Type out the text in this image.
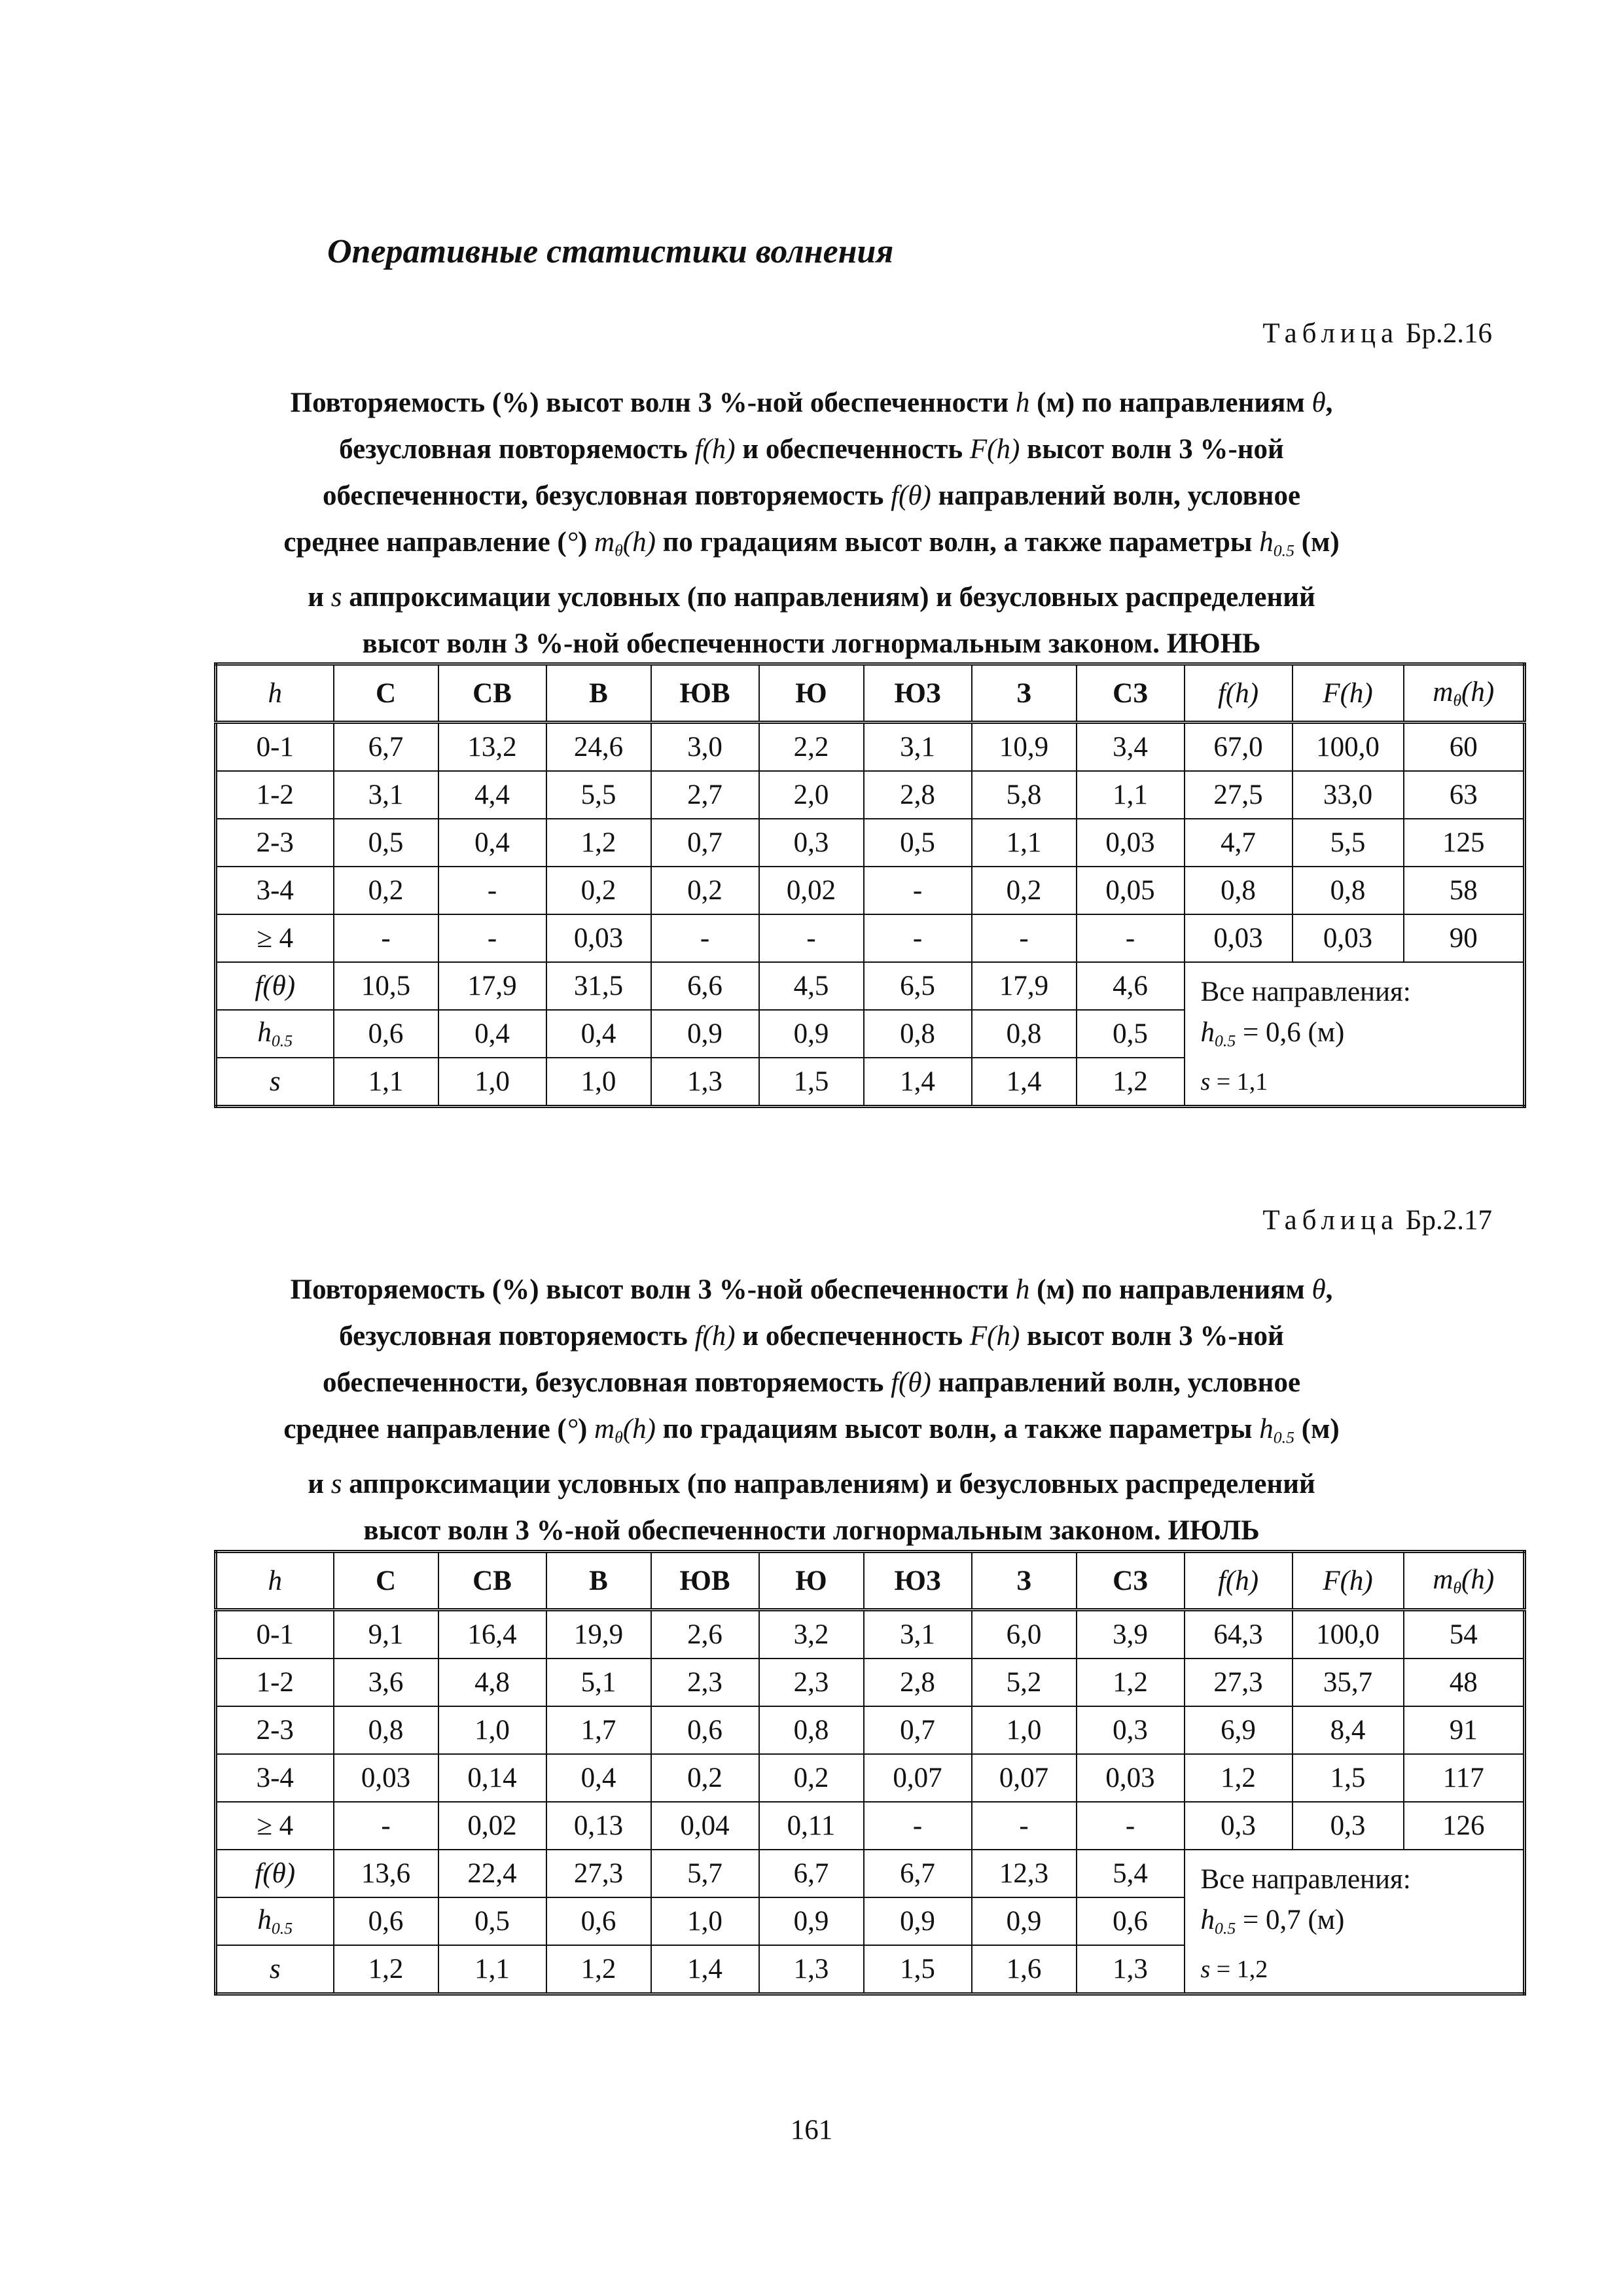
Оперативные статистики волнения
Таблица Бр.2.16
Повторяемость (%) высот волн 3 %-ной обеспеченности h (м) по направлениям θ,
безусловная повторяемость f(h) и обеспеченность F(h) высот волн 3 %-ной
обеспеченности, безусловная повторяемость f(θ) направлений волн, условное
среднее направление (°) $m_\theta(h)$ по градациям высот волн, а также параметры $h_{0.5}$ (м)
и s аппроксимации условных (по направлениям) и безусловных распределений
высот волн 3 %-ной обеспеченности логнормальным законом. ИЮНЬ
h	С	СВ	В	ЮВ	Ю	ЮЗ	З	СЗ	f(h)	F(h)	$m_\theta(h)$
0-1	6,7	13,2	24,6	3,0	2,2	3,1	10,9	3,4	67,0	100,0	60
1-2	3,1	4,4	5,5	2,7	2,0	2,8	5,8	1,1	27,5	33,0	63
2-3	0,5	0,4	1,2	0,7	0,3	0,5	1,1	0,03	4,7	5,5	125
3-4	0,2	-	0,2	0,2	0,02	-	0,2	0,05	0,8	0,8	58
≥ 4	-	-	0,03	-	-	-	-	-	0,03	0,03	90
f(θ)	10,5	17,9	31,5	6,6	4,5	6,5	17,9	4,6	Все направления:
$h_{0.5} = 0,6$ (м)
s = 1,1		

$h_{0.5}$	0,6	0,4	0,4	0,9	0,9	0,8	0,8	0,5			
s	1,1	1,0	1,0	1,3	1,5	1,4	1,4	1,2			
Таблица Бр.2.17
Повторяемость (%) высот волн 3 %-ной обеспеченности h (м) по направлениям θ,
безусловная повторяемость f(h) и обеспеченность F(h) высот волн 3 %-ной
обеспеченности, безусловная повторяемость f(θ) направлений волн, условное
среднее направление (°) $m_\theta(h)$ по градациям высот волн, а также параметры $h_{0.5}$ (м)
и s аппроксимации условных (по направлениям) и безусловных распределений
высот волн 3 %-ной обеспеченности логнормальным законом. ИЮЛЬ
h	С	СВ	В	ЮВ	Ю	ЮЗ	З	СЗ	f(h)	F(h)	$m_\theta(h)$
0-1	9,1	16,4	19,9	2,6	3,2	3,1	6,0	3,9	64,3	100,0	54
1-2	3,6	4,8	5,1	2,3	2,3	2,8	5,2	1,2	27,3	35,7	48
2-3	0,8	1,0	1,7	0,6	0,8	0,7	1,0	0,3	6,9	8,4	91
3-4	0,03	0,14	0,4	0,2	0,2	0,07	0,07	0,03	1,2	1,5	117
≥ 4	-	0,02	0,13	0,04	0,11	-	-	-	0,3	0,3	126
f(θ)	13,6	22,4	27,3	5,7	6,7	6,7	12,3	5,4	Все направления:
$h_{0.5} = 0,7$ (м)
s = 1,2		

$h_{0.5}$	0,6	0,5	0,6	1,0	0,9	0,9	0,9	0,6			
s	1,2	1,1	1,2	1,4	1,3	1,5	1,6	1,3			
161
